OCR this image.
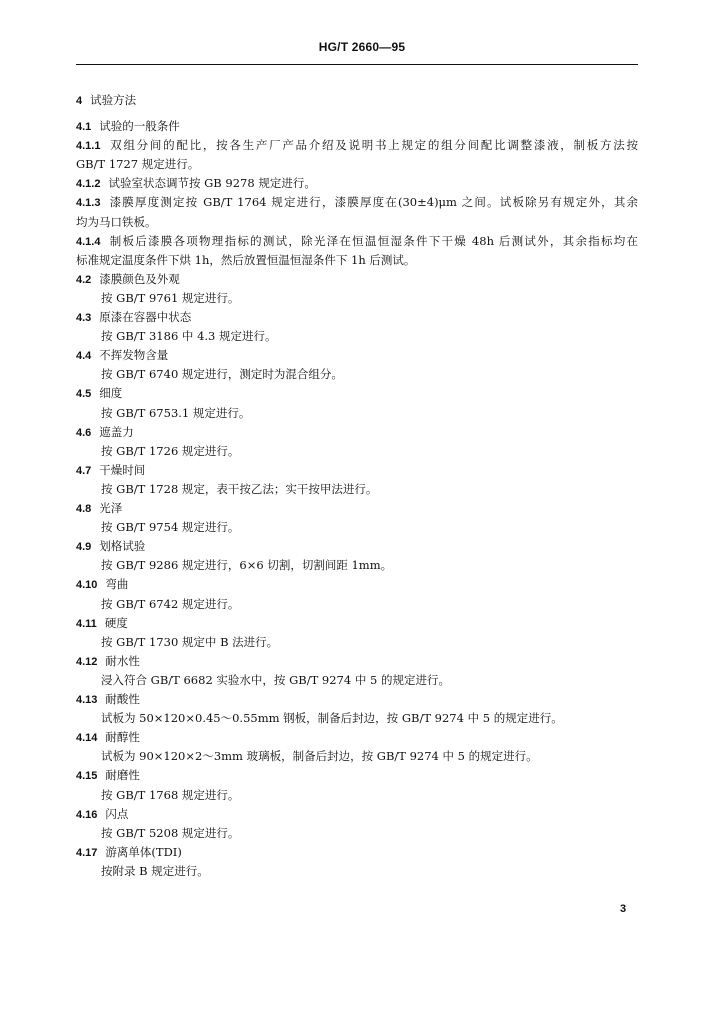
HG/T 2660—95
4 试验方法
4.1 试验的一般条件
4.1.1 双组分间的配比，按各生产厂产品介绍及说明书上规定的组分间配比调整漆液，制板方法按
GB/T 1727 规定进行。
4.1.2 试验室状态调节按 GB 9278 规定进行。
4.1.3 漆膜厚度测定按 GB/T 1764 规定进行，漆膜厚度在(30±4)μm 之间。试板除另有规定外，其余
均为马口铁板。
4.1.4 制板后漆膜各项物理指标的测试，除光泽在恒温恒湿条件下干燥 48h 后测试外，其余指标均在
标准规定温度条件下烘 1h，然后放置恒温恒湿条件下 1h 后测试。
4.2 漆膜颜色及外观
按 GB/T 9761 规定进行。
4.3 原漆在容器中状态
按 GB/T 3186 中 4.3 规定进行。
4.4 不挥发物含量
按 GB/T 6740 规定进行，测定时为混合组分。
4.5 细度
按 GB/T 6753.1 规定进行。
4.6 遮盖力
按 GB/T 1726 规定进行。
4.7 干燥时间
按 GB/T 1728 规定，表干按乙法；实干按甲法进行。
4.8 光泽
按 GB/T 9754 规定进行。
4.9 划格试验
按 GB/T 9286 规定进行，6×6 切割，切割间距 1mm。
4.10 弯曲
按 GB/T 6742 规定进行。
4.11 硬度
按 GB/T 1730 规定中 B 法进行。
4.12 耐水性
浸入符合 GB/T 6682 实验水中，按 GB/T 9274 中 5 的规定进行。
4.13 耐酸性
试板为 50×120×0.45～0.55mm 钢板，制备后封边，按 GB/T 9274 中 5 的规定进行。
4.14 耐醇性
试板为 90×120×2～3mm 玻璃板，制备后封边，按 GB/T 9274 中 5 的规定进行。
4.15 耐磨性
按 GB/T 1768 规定进行。
4.16 闪点
按 GB/T 5208 规定进行。
4.17 游离单体(TDI)
按附录 B 规定进行。
3
